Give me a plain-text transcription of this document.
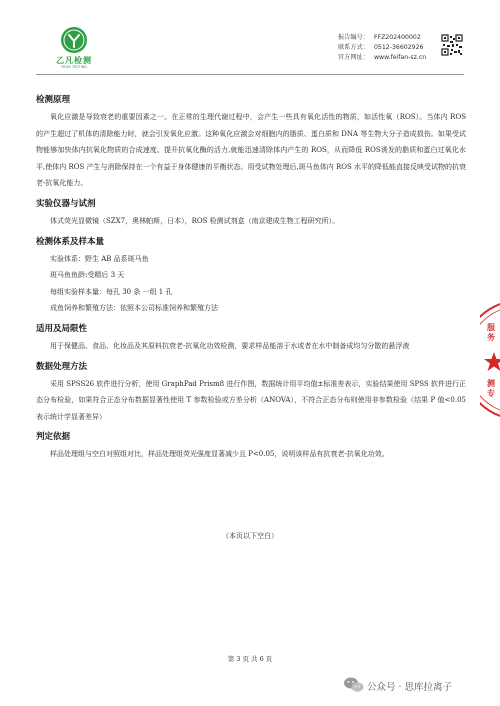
乙凡检测
YIFAN TESTING
报告编号： FFZ202400002
联系方式： 0512-36602926
官方网址： www.feifan-sz.cn
检测原理
氧化应激是导致衰老的重要因素之一。在正常的生理代谢过程中，会产生一些具有氧化活性的物质，如活性氧（ROS）。当体内 ROS 的产生超过了机体的清除能力时，就会引发氧化应激。这种氧化应激会对细胞内的脂质、蛋白质和 DNA 等生物大分子造成损伤。如果受试物能够加快体内抗氧化物质的合成速度、提升抗氧化酶的活力,就能迅速清除体内产生的 ROS，从而降低 ROS诱发的脂质和蛋白过氧化水平,使体内 ROS 产生与消除保持在一个有益于身体健康的平衡状态。用受试物处理后,斑马鱼体内 ROS 水平的降低能直接反映受试物的抗衰老-抗氧化能力。
实验仪器与试剂
体式荧光显微镜（SZX7，奥林帕斯，日本），ROS 检测试剂盒（南京建成生物工程研究所）。
检测体系及样本量
实验体系：野生 AB 品系斑马鱼
斑马鱼鱼龄:受精后 3 天
每组实验样本量：每孔 30 条 一组 1 孔
成鱼饲养和繁殖方法：依照本公司标准饲养和繁殖方法
适用及局限性
用于保健品、食品、化妆品及其原料抗衰老-抗氧化功效检测，要求样品能溶于水或者在水中制备成均匀分散的悬浮液
数据处理方法
采用 SPSS26 软件进行分析，使用 GraphPad Prism8 进行作图，数据统计用平均值±标准差表示，实验结果使用 SPSS 软件进行正态分布检验，如果符合正态分布数据显著性使用 T 参数检验或方差分析（ANOVA），不符合正态分布则使用非参数检验（结果 P 值<0.05 表示统计学显著差异）
判定依据
样品处理组与空白对照组对比，样品处理组荧光强度显著减少且 P<0.05，说明该样品有抗衰老-抗氧化功效。
（本页以下空白）
第 3 页 共 6 页
服
务
测
专
公众号 · 思库拉离子
